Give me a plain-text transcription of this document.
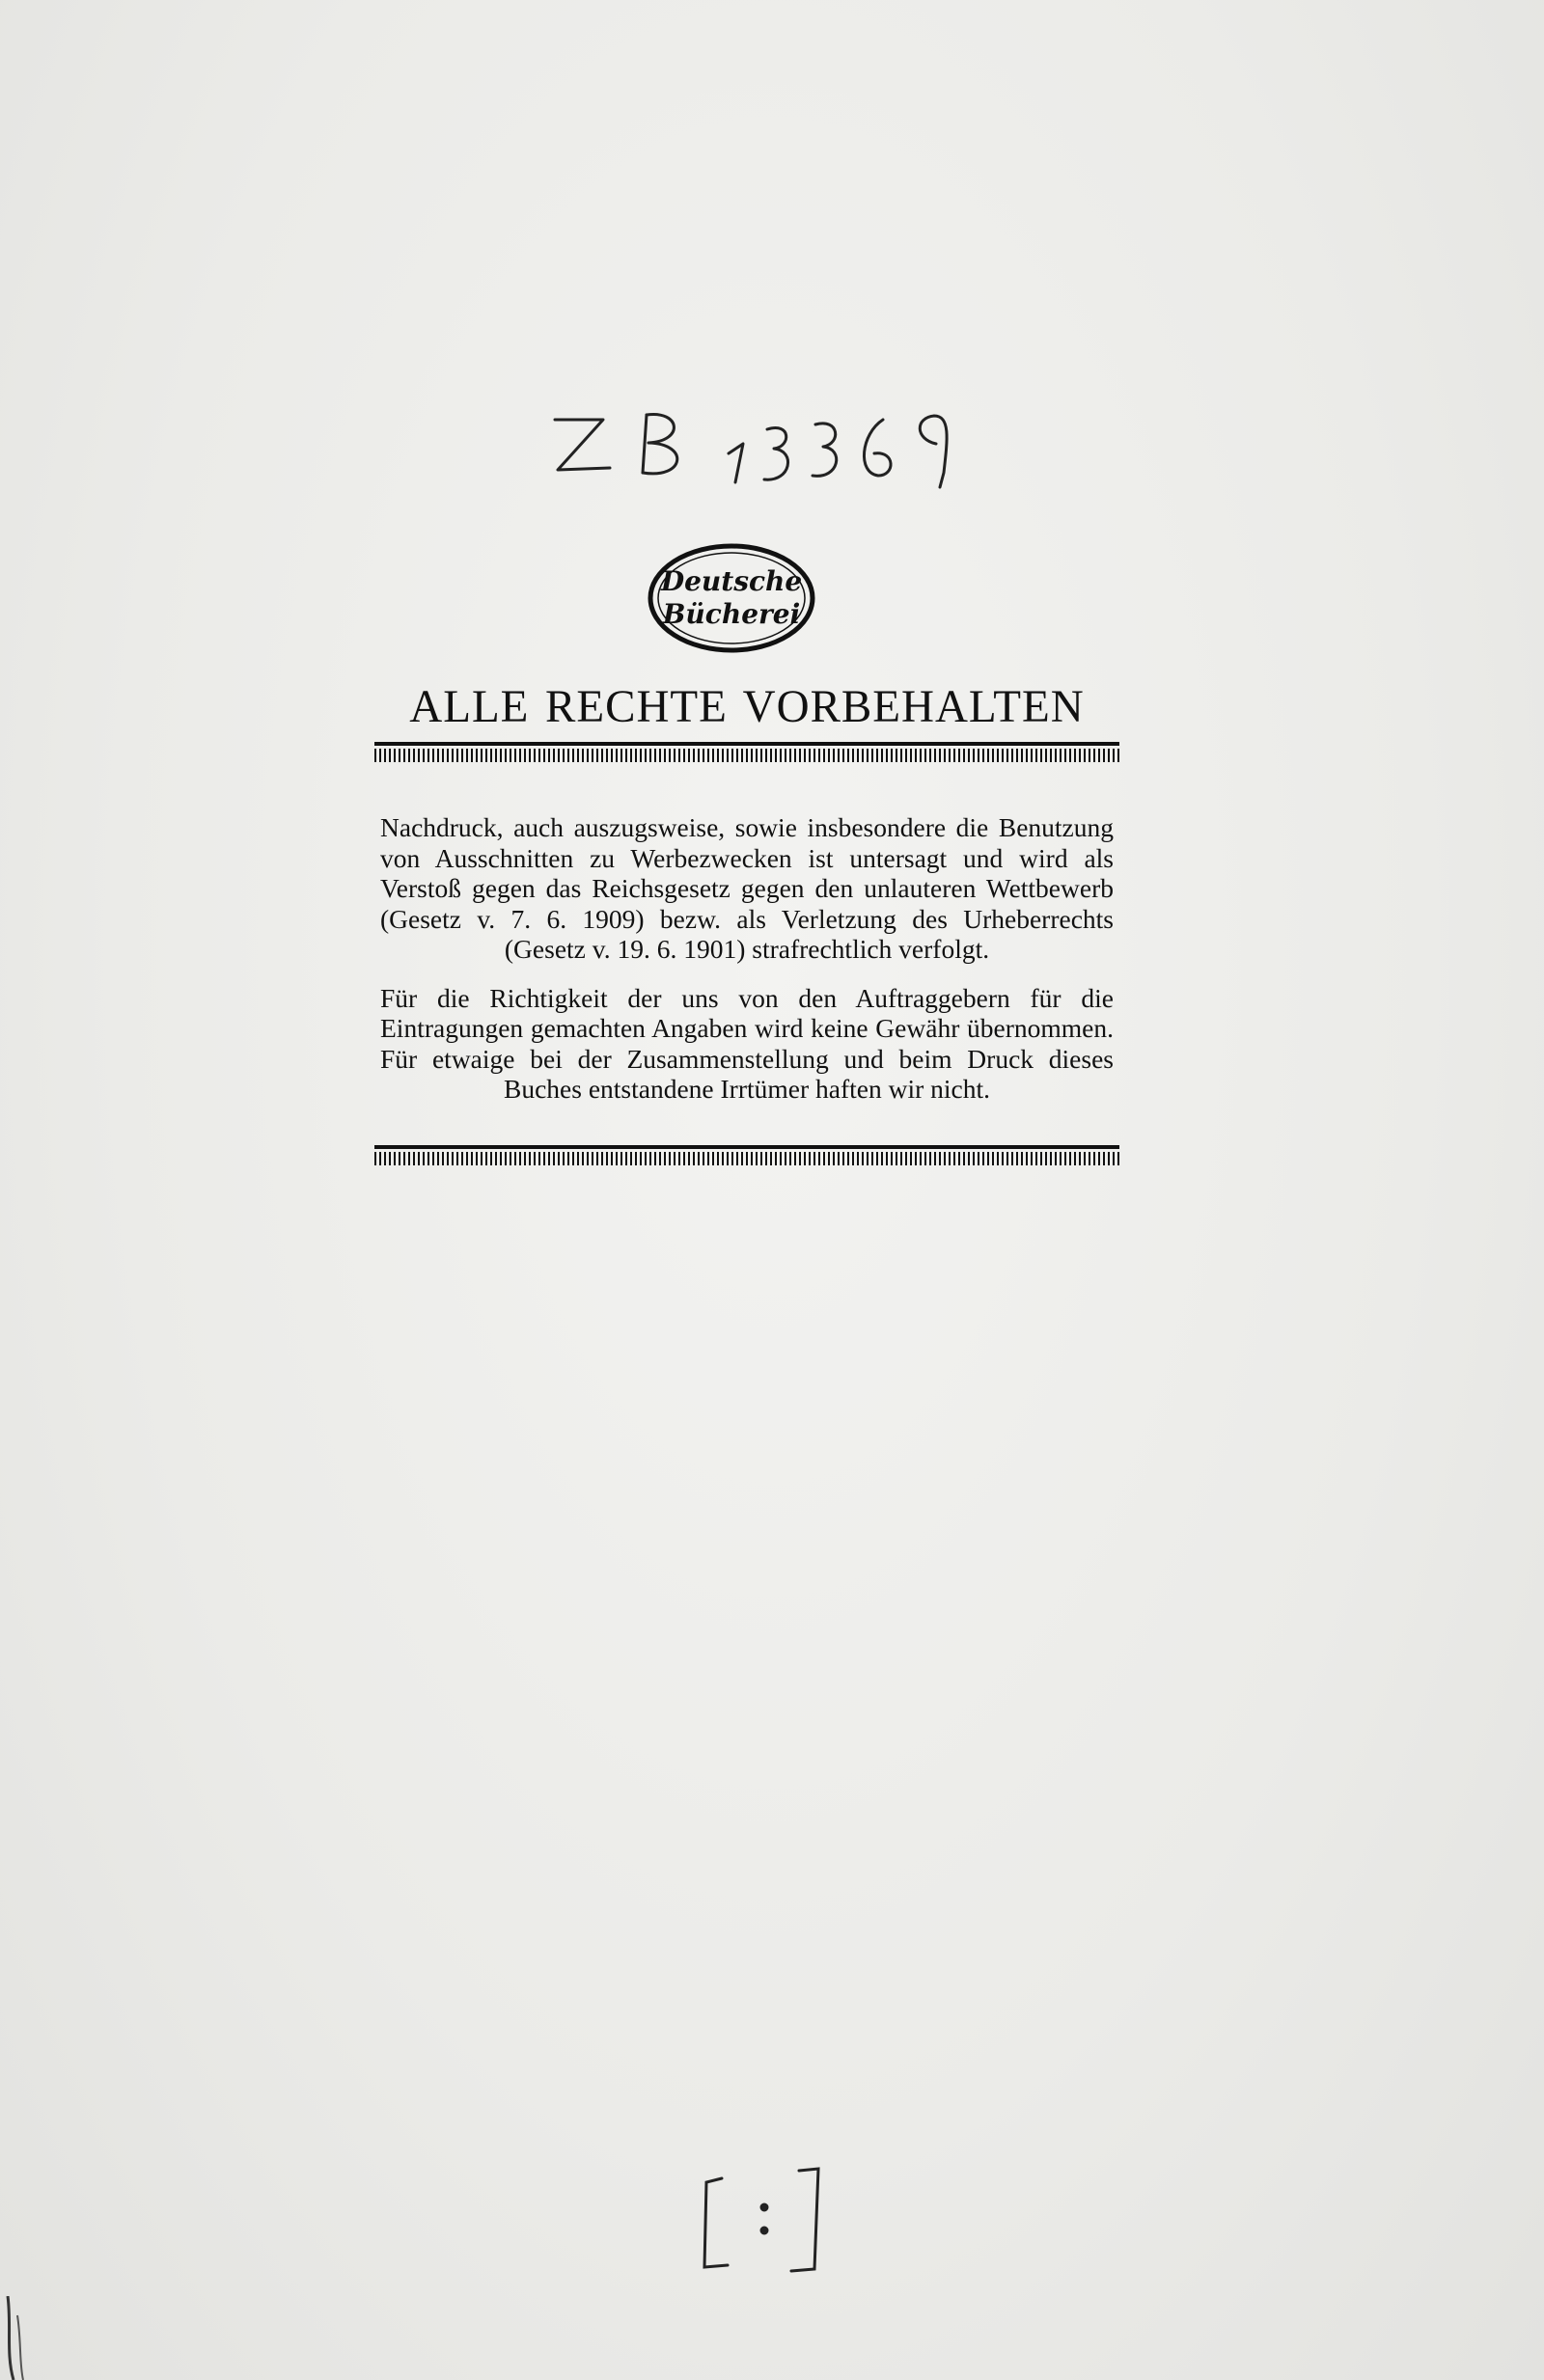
Deutsche
Bücherei
ALLE RECHTE VORBEHALTEN

Nachdruck, auch auszugsweise, sowie insbesondere die Benutzung von Ausschnitten zu Werbezwecken ist untersagt und wird als Verstoß gegen das Reichsgesetz gegen den unlauteren Wettbewerb (Gesetz v. 7. 6. 1909) bezw. als Verletzung des Urheberrechts (Gesetz v. 19. 6. 1901) strafrechtlich verfolgt.

Für die Richtigkeit der uns von den Auftraggebern für die Eintragungen gemachten Angaben wird keine Gewähr übernommen. Für etwaige bei der Zusammenstellung und beim Druck dieses Buches entstandene Irrtümer haften wir nicht.
